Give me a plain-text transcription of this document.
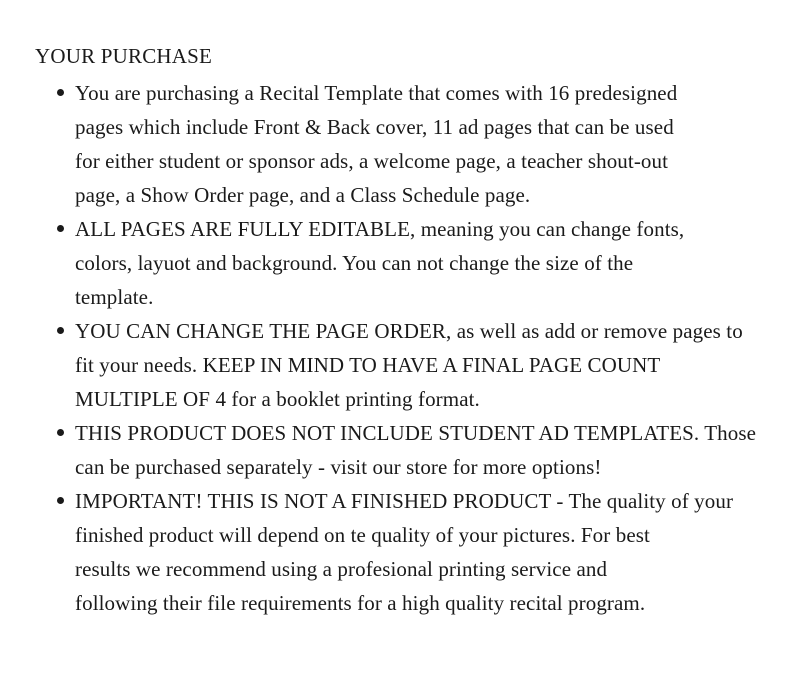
YOUR PURCHASE
You are purchasing a Recital Template that comes with 16 predesigned
pages which include Front & Back cover, 11 ad pages that can be used
for either student or sponsor ads, a welcome page, a teacher shout-out
page, a Show Order page, and a Class Schedule page.
ALL PAGES ARE FULLY EDITABLE, meaning you can change fonts,
colors, layuot and background. You can not change the size of the
template.
YOU CAN CHANGE THE PAGE ORDER, as well as add or remove pages to
fit your needs. KEEP IN MIND TO HAVE A FINAL PAGE COUNT
MULTIPLE OF 4 for a booklet printing format.
THIS PRODUCT DOES NOT INCLUDE STUDENT AD TEMPLATES. Those
can be purchased separately - visit our store for more options!
IMPORTANT! THIS IS NOT A FINISHED PRODUCT - The quality of your
finished product will depend on te quality of your pictures. For best
results we recommend using a profesional printing service and
following their file requirements for a high quality recital program.
